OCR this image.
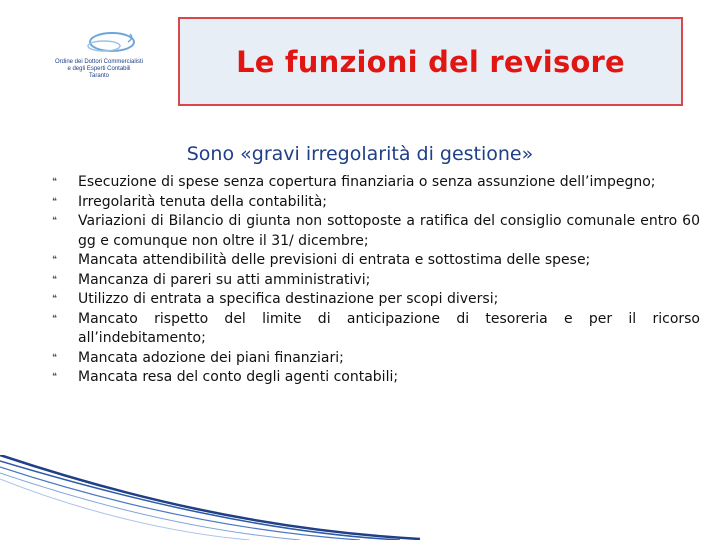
Ordine dei Dottori Commercialisti
e degli Esperti Contabili
Taranto	Le funzioni del revisore
Sono «gravi irregolarità di gestione»
❝ Esecuzione di spese senza copertura finanziaria o senza assunzione dell’impegno;
❝ Irregolarità tenuta della contabilità;
❝ Variazioni di Bilancio di giunta non sottoposte a ratifica del consiglio comunale entro 60 gg e comunque non oltre il 31/ dicembre;
❝ Mancata attendibilità delle previsioni di entrata e sottostima delle spese;
❝ Mancanza di pareri su atti amministrativi;
❝ Utilizzo di entrata a specifica destinazione per scopi diversi;
❝ Mancato rispetto del limite di anticipazione di tesoreria e per il ricorso all’indebitamento;
❝ Mancata adozione dei piani finanziari;
❝ Mancata resa del conto degli agenti contabili;
